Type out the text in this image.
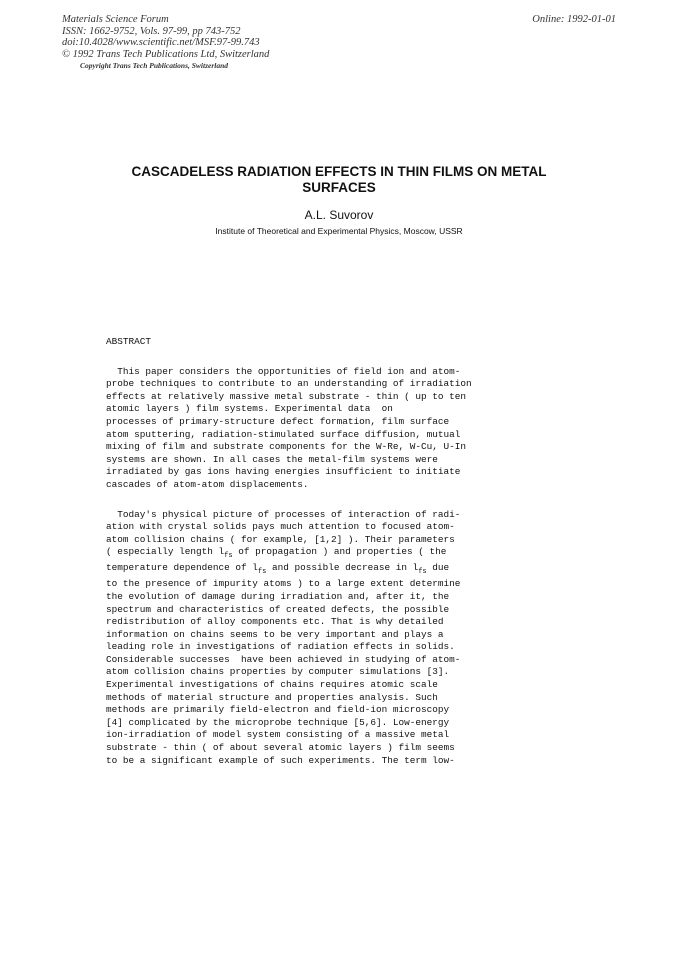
Materials Science Forum
ISSN: 1662-9752, Vols. 97-99, pp 743-752
doi:10.4028/www.scientific.net/MSF.97-99.743
© 1992 Trans Tech Publications Ltd, Switzerland
Copyright Trans Tech Publications, Switzerland
Online: 1992-01-01
CASCADELESS RADIATION EFFECTS IN THIN FILMS ON METAL
SURFACES
A.L. Suvorov
Institute of Theoretical and Experimental Physics, Moscow, USSR
ABSTRACT
This paper considers the opportunities of field ion and atom-
probe techniques to contribute to an understanding of irradiation
effects at relatively massive metal substrate - thin ( up to ten
atomic layers ) film systems. Experimental data  on
processes of primary-structure defect formation, film surface
atom sputtering, radiation-stimulated surface diffusion, mutual
mixing of film and substrate components for the W-Re, W-Cu, U-In
systems are shown. In all cases the metal-film systems were
irradiated by gas ions having energies insufficient to initiate
cascades of atom-atom displacements.
Today's physical picture of processes of interaction of radi-
ation with crystal solids pays much attention to focused atom-
atom collision chains ( for example, [1,2] ). Their parameters
( especially length $l_{fs}$ of propagation ) and properties ( the
temperature dependence of $l_{fs}$ and possible decrease in $l_{fs}$ due
to the presence of impurity atoms ) to a large extent determine
the evolution of damage during irradiation and, after it, the
spectrum and characteristics of created defects, the possible
redistribution of alloy components etc. That is why detailed
information on chains seems to be very important and plays a
leading role in investigations of radiation effects in solids.
Considerable successes  have been achieved in studying of atom-
atom collision chains properties by computer simulations [3].
Experimental investigations of chains requires atomic scale
methods of material structure and properties analysis. Such
methods are primarily field-electron and field-ion microscopy
[4] complicated by the microprobe technique [5,6]. Low-energy
ion-irradiation of model system consisting of a massive metal
substrate - thin ( of about several atomic layers ) film seems
to be a significant example of such experiments. The term low-
